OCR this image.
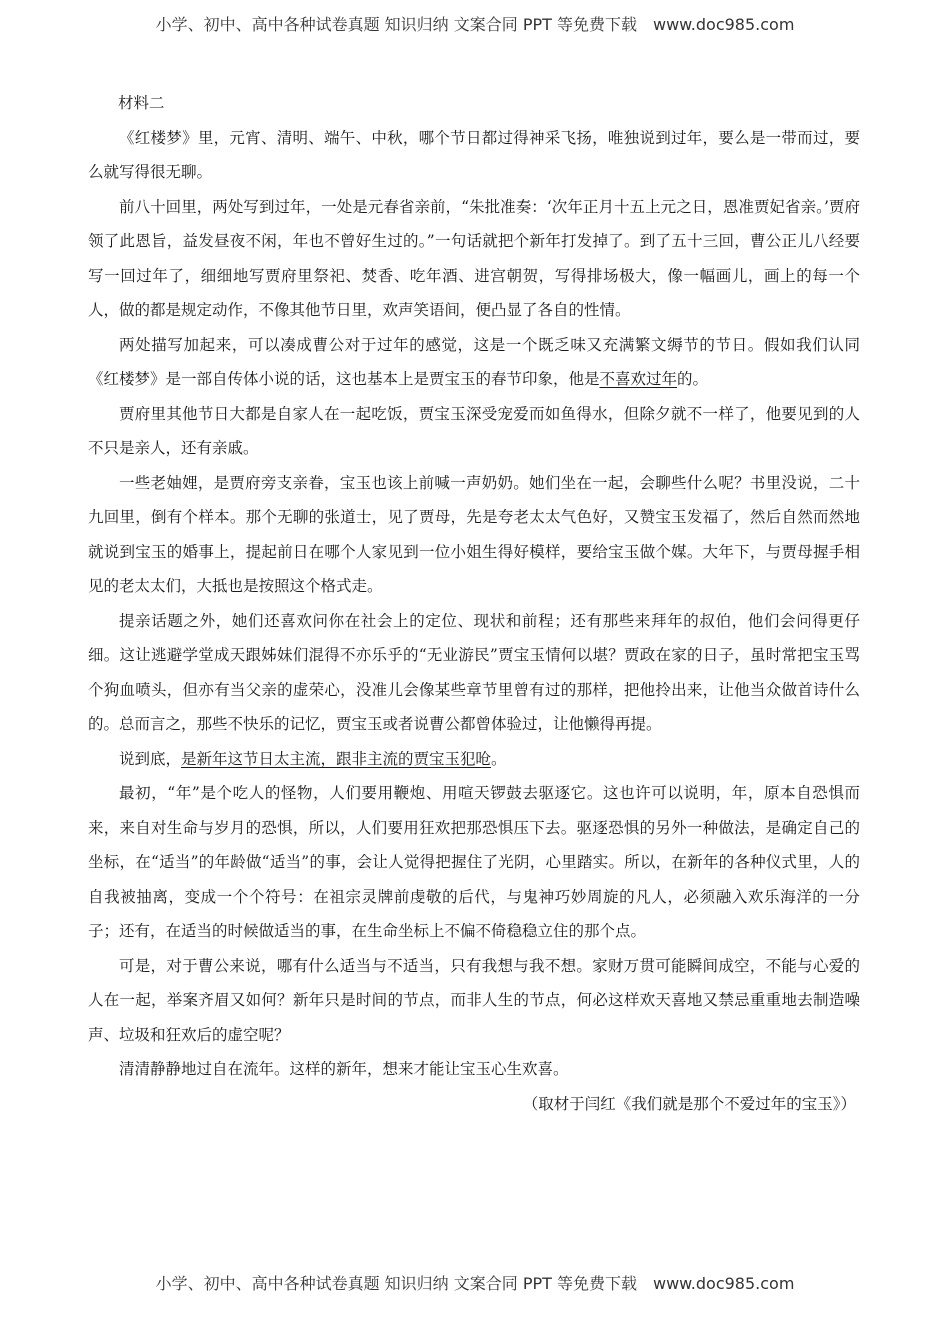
小学、初中、高中各种试卷真题 知识归纳 文案合同 PPT 等免费下载　www.doc985.com

材料二

《红楼梦》里，元宵、清明、端午、中秋，哪个节日都过得神采飞扬，唯独说到过年，要么是一带而过，要么就写得很无聊。

前八十回里，两处写到过年，一处是元春省亲前，“朱批准奏：‘次年正月十五上元之日，恩准贾妃省亲。’贾府领了此恩旨，益发昼夜不闲，年也不曾好生过的。”一句话就把个新年打发掉了。到了五十三回，曹公正儿八经要写一回过年了，细细地写贾府里祭祀、焚香、吃年酒、进宫朝贺，写得排场极大，像一幅画儿，画上的每一个人，做的都是规定动作，不像其他节日里，欢声笑语间，便凸显了各自的性情。

两处描写加起来，可以凑成曹公对于过年的感觉，这是一个既乏味又充满繁文缛节的节日。假如我们认同《红楼梦》是一部自传体小说的话，这也基本上是贾宝玉的春节印象，他是不喜欢过年的。

贾府里其他节日大都是自家人在一起吃饭，贾宝玉深受宠爱而如鱼得水，但除夕就不一样了，他要见到的人不只是亲人，还有亲戚。

一些老妯娌，是贾府旁支亲眷，宝玉也该上前喊一声奶奶。她们坐在一起，会聊些什么呢？书里没说，二十九回里，倒有个样本。那个无聊的张道士，见了贾母，先是夸老太太气色好，又赞宝玉发福了，然后自然而然地就说到宝玉的婚事上，提起前日在哪个人家见到一位小姐生得好模样，要给宝玉做个媒。大年下，与贾母握手相见的老太太们，大抵也是按照这个格式走。

提亲话题之外，她们还喜欢问你在社会上的定位、现状和前程；还有那些来拜年的叔伯，他们会问得更仔细。这让逃避学堂成天跟姊妹们混得不亦乐乎的“无业游民”贾宝玉情何以堪？贾政在家的日子，虽时常把宝玉骂个狗血喷头，但亦有当父亲的虚荣心，没准儿会像某些章节里曾有过的那样，把他拎出来，让他当众做首诗什么的。总而言之，那些不快乐的记忆，贾宝玉或者说曹公都曾体验过，让他懒得再提。

说到底，是新年这节日太主流，跟非主流的贾宝玉犯呛。

最初，“年”是个吃人的怪物，人们要用鞭炮、用喧天锣鼓去驱逐它。这也许可以说明，年，原本自恐惧而来，来自对生命与岁月的恐惧，所以，人们要用狂欢把那恐惧压下去。驱逐恐惧的另外一种做法，是确定自己的坐标，在“适当”的年龄做“适当”的事，会让人觉得把握住了光阴，心里踏实。所以，在新年的各种仪式里，人的自我被抽离，变成一个个符号：在祖宗灵牌前虔敬的后代，与鬼神巧妙周旋的凡人，必须融入欢乐海洋的一分子；还有，在适当的时候做适当的事，在生命坐标上不偏不倚稳稳立住的那个点。

可是，对于曹公来说，哪有什么适当与不适当，只有我想与我不想。家财万贯可能瞬间成空，不能与心爱的人在一起，举案齐眉又如何？新年只是时间的节点，而非人生的节点，何必这样欢天喜地又禁忌重重地去制造噪声、垃圾和狂欢后的虚空呢？

清清静静地过自在流年。这样的新年，想来才能让宝玉心生欢喜。

（取材于闫红《我们就是那个不爱过年的宝玉》）

小学、初中、高中各种试卷真题 知识归纳 文案合同 PPT 等免费下载　www.doc985.com
